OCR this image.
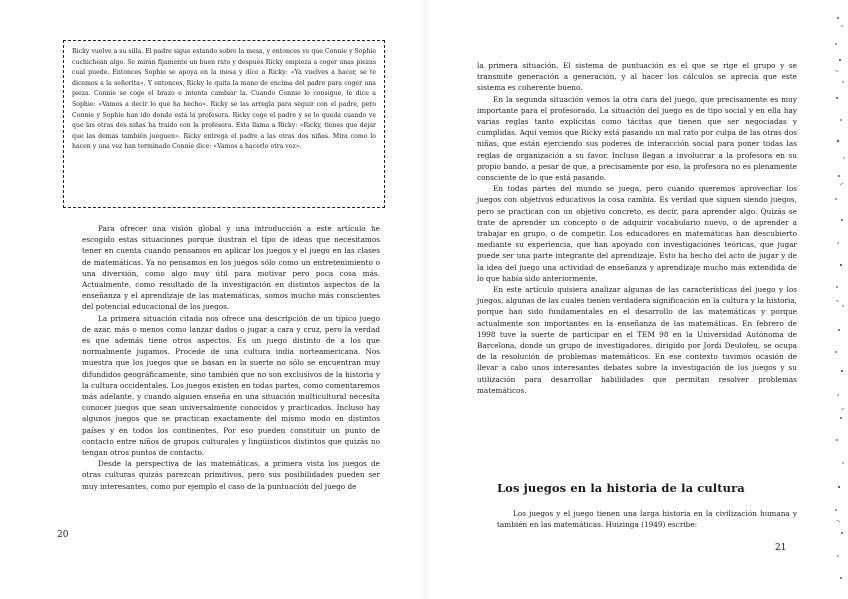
Ricky vuelve a su silla. El padre sigue estando sobre la mesa, y entonces ve que Connie y Sophie cuchichean algo. Se miran fijamente un buen rato y después Ricky empieza a coger unas piezas cual puede. Entonces Sophie se apoya en la mesa y dice a Ricky: «Ya vuelves a hacer, se te dicemos a la señorita». Y entonces, Ricky le quita la mano de encima del padre para coger una pieza. Connie se coge el brazo e intenta cambiar la. Cuando Connie lo consigue, le dice a Sophie: «Vamos a decir lo que ha hecho». Ricky se las arregla para seguir con el padre, pero Connie y Sophie han ido donde está la profesora. Ricky coge el padre y se lo queda cuando ve que las otras dos niñas ha traído con la profesora. Esta llama a Ricky: «Ricky, tienes que dejar que las demás también jueguen». Ricky entrega el padre a las otras dos niñas. Mira como lo hacen y una vez han terminado Connie dice: «Vamos a hacerlo otra vez».

Para ofrecer una visión global y una introducción a este artículo he escogido estas situaciones porque ilustran el tipo de ideas que necesitamos tener en cuenta cuando pensamos en aplicar los juegos y el juego en las clases de matemáticas. Ya no pensamos en los juegos sólo como un entretenimiento o una diversión, como algo muy útil para motivar pero poca cosa más. Actualmente, como resultado de la investigación en distintos aspectos de la enseñanza y el aprendizaje de las matemáticas, somos mucho más conscientes del potencial educacional de los juegos.

La primera situación citada nos ofrece una descripción de un típico juego de azar, más o menos como lanzar dados o jugar a cara y cruz, pero la verdad es que además tiene otros aspectos. Es un juego distinto de a los que normalmente jugamos. Procede de una cultura india norteamericana. Nos muestra que los juegos que se basan en la suerte no sólo se encuentran muy difundidos geográficamente, sino también que no son exclusivos de la historia y la cultura occidentales. Los juegos existen en todas partes, como comentaremos más adelante, y cuando alguien enseña en una situación multicultural necesita conocer juegos que sean universalmente conocidos y practicados. Incluso hay algunos juegos que se practican exactamente del mismo modo en distintos países y en todos los continentes. Por eso pueden constituir un punto de contacto entre niños de grupos culturales y lingüísticos distintos que quizás no tengan otros puntos de contacto.

Desde la perspectiva de las matemáticas, a primera vista los juegos de otras culturas quizás parezcan primitivos, pero sus posibilidades pueden ser muy interesantes, como por ejemplo el caso de la puntuación del juego de

20

la primera situación. El sistema de puntuación es el que se rige el grupo y se transmite generación a generación, y al hacer los cálculos se aprecia que este sistema es coherente bueno.

En la segunda situación vemos la otra cara del juego, que precisamente es muy importante para el profesorado. La situación del juego es de tipo social y en ella hay varias reglas tanto explícitas como tácitas que tienen que ser negociadas y cumplidas. Aquí vemos que Ricky está pasando un mal rato por culpa de las otras dos niñas, que están ejerciendo sus poderes de interacción social para poner todas las reglas de organización a su favor. Incluso llegan a involucrar a la profesora en su propio bando, a pesar de que, a precisamente por eso, la profesora no es plenamente consciente de lo que está pasando.

En todas partes del mundo se juega, pero cuando queremos aprovechar los juegos con objetivos educativos la cosa cambia. Es verdad que siguen siendo juegos, pero se practican con un objetivo concreto, es decir, para aprender algo. Quizás se trate de aprender un concepto o de adquirir vocabulario nuevo, o de aprender a trabajar en grupo, o de competir. Los educadores en matemáticas han descubierto mediante su experiencia, que han apoyado con investigaciones teóricas, que jugar puede ser una parte integrante del aprendizaje. Esto ha hecho del acto de jugar y de la idea del juego una actividad de enseñanza y aprendizaje mucho más extendida de lo que había sido anteriormente.

En este artículo quisiera analizar algunas de las características del juego y los juegos, algunas de las cuales tienen verdadera significación en la cultura y la historia, porque han sido fundamentales en el desarrollo de las matemáticas y porque actualmente son importantes en la enseñanza de las matemáticas. En febrero de 1998 tuve la suerte de participar en el TEM 98 en la Universidad Autónoma de Barcelona, donde un grupo de investigadores, dirigido por Jordi Deulofeu, se ocupa de la resolución de problemas matemáticos. En ese contexto tuvimos ocasión de llevar a cabo unos interesantes debates sobre la investigación de los juegos y su utilización para desarrollar habilidades que permitan resolver problemas matemáticos.

Los juegos en la historia de la cultura

Los juegos y el juego tienen una larga historia en la civilización humana y también en las matemáticas. Huizinga (1949) escribe:

21
